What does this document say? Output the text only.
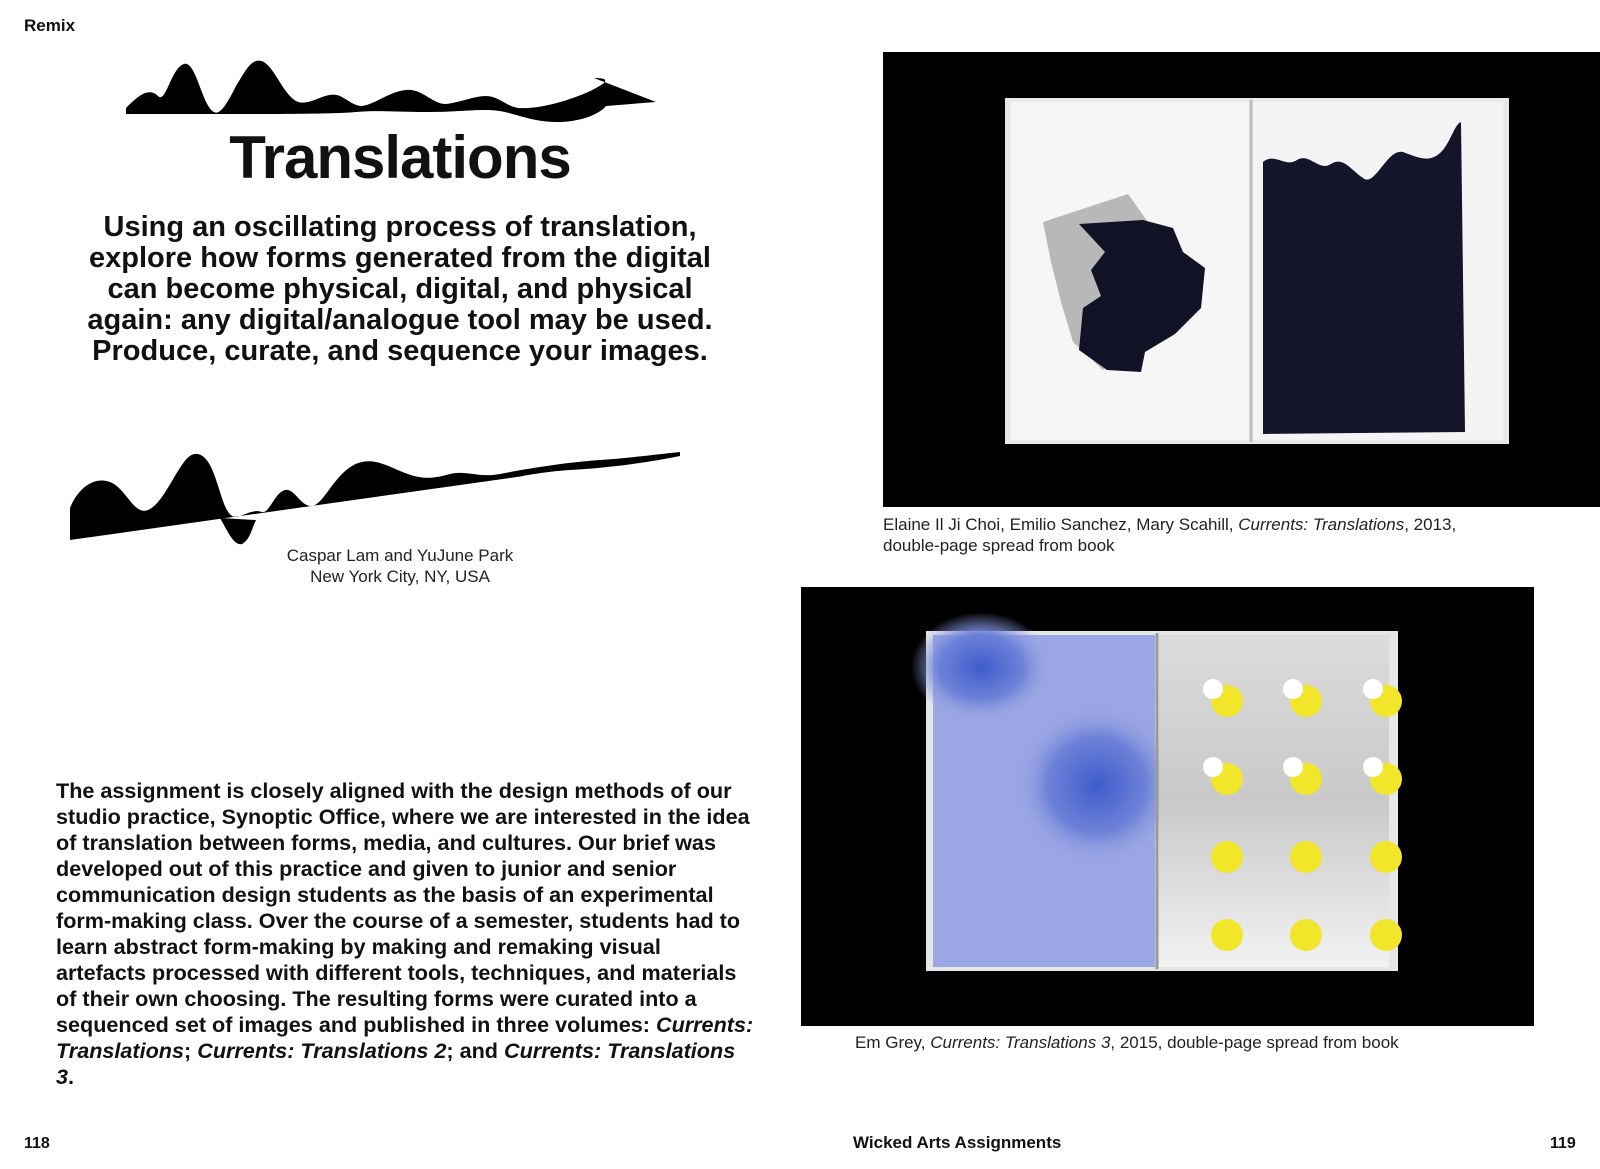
Remix
Translations
Using an oscillating process of translation, explore how forms generated from the digital can become physical, digital, and physical again: any digital/analogue tool may be used. Produce, curate, and sequence your images.
Caspar Lam and YuJune Park
New York City, NY, USA
The assignment is closely aligned with the design methods of our studio practice, Synoptic Office, where we are interested in the idea of translation between forms, media, and cultures. Our brief was developed out of this practice and given to junior and senior communication design students as the basis of an experimental form-making class. Over the course of a semester, students had to learn abstract form-making by making and remaking visual artefacts processed with different tools, techniques, and materials of their own choosing. The resulting forms were curated into a sequenced set of images and published in three volumes: Currents: Translations; Currents: Translations 2; and Currents: Translations 3.
Elaine Il Ji Choi, Emilio Sanchez, Mary Scahill, Currents: Translations, 2013,
double-page spread from book
Em Grey, Currents: Translations 3, 2015, double-page spread from book
118	Wicked Arts Assignments	119
